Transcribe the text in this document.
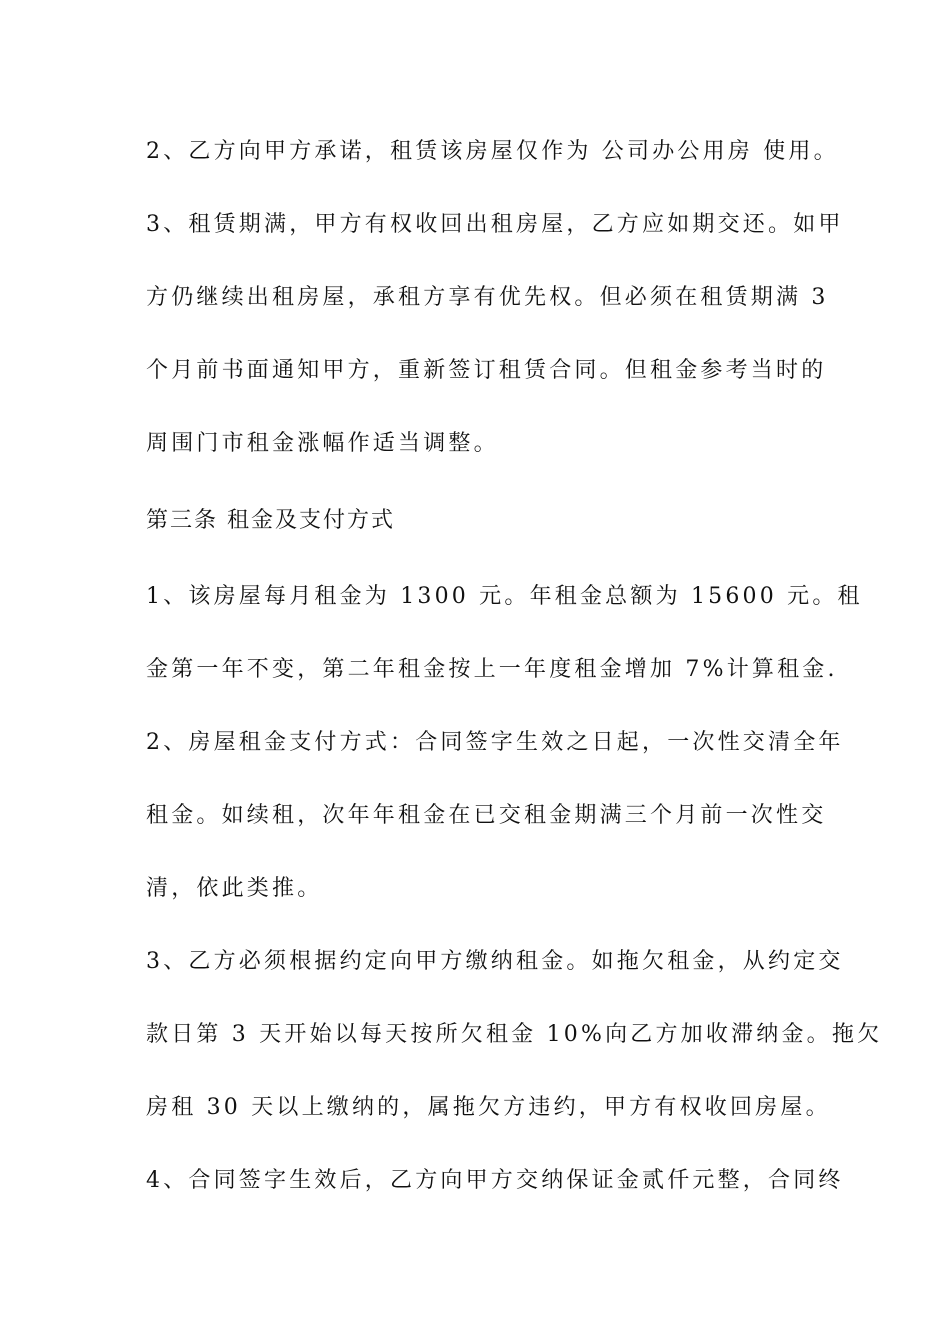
2、乙方向甲方承诺，租赁该房屋仅作为 公司办公用房 使用。
3、租赁期满，甲方有权收回出租房屋，乙方应如期交还。如甲
方仍继续出租房屋，承租方享有优先权。但必须在租赁期满 3
个月前书面通知甲方，重新签订租赁合同。但租金参考当时的
周围门市租金涨幅作适当调整。
第三条 租金及支付方式
1、该房屋每月租金为 1300 元。年租金总额为 15600 元。租
金第一年不变，第二年租金按上一年度租金增加 7%计算租金.
2、房屋租金支付方式：合同签字生效之日起，一次性交清全年
租金。如续租，次年年租金在已交租金期满三个月前一次性交
清，依此类推。
3、乙方必须根据约定向甲方缴纳租金。如拖欠租金，从约定交
款日第 3 天开始以每天按所欠租金 10%向乙方加收滞纳金。拖欠
房租 30 天以上缴纳的，属拖欠方违约，甲方有权收回房屋。
4、合同签字生效后，乙方向甲方交纳保证金贰仟元整，合同终
